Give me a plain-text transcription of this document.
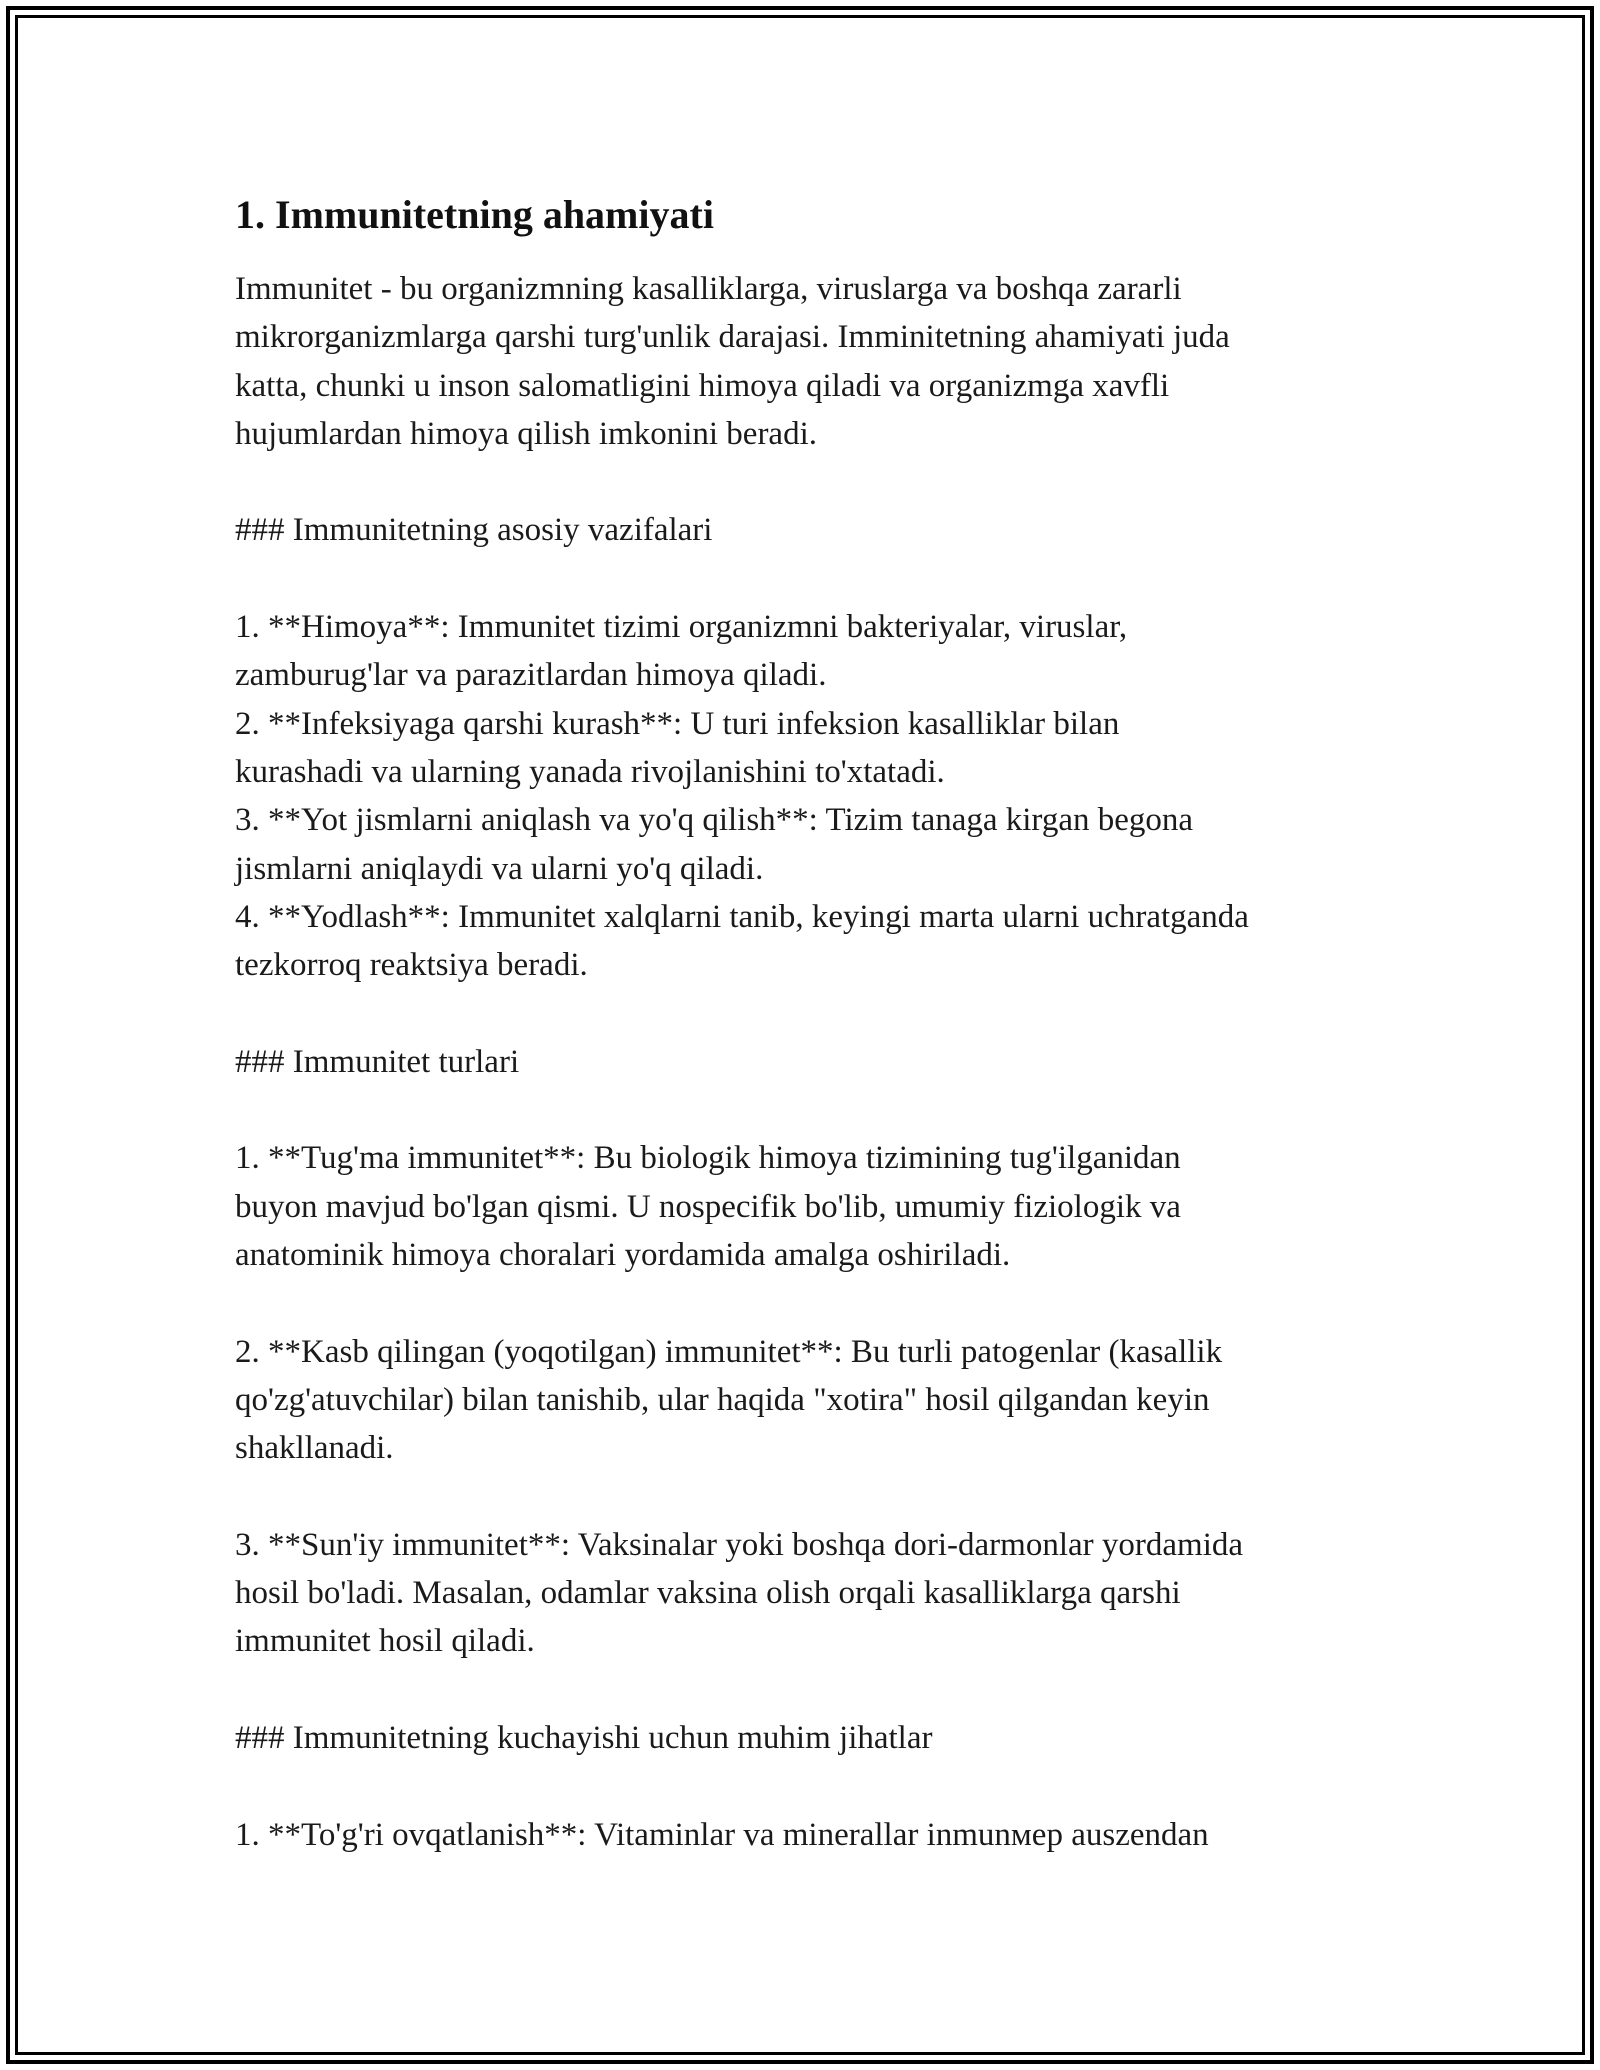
1. Immunitetning ahamiyati

Immunitet - bu organizmning kasalliklarga, viruslarga va boshqa zararli
mikrorganizmlarga qarshi turg'unlik darajasi. Imminitetning ahamiyati juda
katta, chunki u inson salomatligini himoya qiladi va organizmga xavfli
hujumlardan himoya qilish imkonini beradi.

### Immunitetning asosiy vazifalari

1. **Himoya**: Immunitet tizimi organizmni bakteriyalar, viruslar,
zamburug'lar va parazitlardan himoya qiladi.

2. **Infeksiyaga qarshi kurash**: U turi infeksion kasalliklar bilan
kurashadi va ularning yanada rivojlanishini to'xtatadi.

3. **Yot jismlarni aniqlash va yo'q qilish**: Tizim tanaga kirgan begona
jismlarni aniqlaydi va ularni yo'q qiladi.

4. **Yodlash**: Immunitet xalqlarni tanib, keyingi marta ularni uchratganda
tezkorroq reaktsiya beradi.

### Immunitet turlari

1. **Tug'ma immunitet**: Bu biologik himoya tizimining tug'ilganidan
buyon mavjud bo'lgan qismi. U nospecifik bo'lib, umumiy fiziologik va
anatominik himoya choralari yordamida amalga oshiriladi.

2. **Kasb qilingan (yoqotilgan) immunitet**: Bu turli patogenlar (kasallik
qo'zg'atuvchilar) bilan tanishib, ular haqida "xotira" hosil qilgandan keyin
shakllanadi.

3. **Sun'iy immunitet**: Vaksinalar yoki boshqa dori-darmonlar yordamida
hosil bo'ladi. Masalan, odamlar vaksina olish orqali kasalliklarga qarshi
immunitet hosil qiladi.

### Immunitetning kuchayishi uchun muhim jihatlar

1. **To'g'ri ovqatlanish**: Vitaminlar va minerallar inmunмер auszendan
